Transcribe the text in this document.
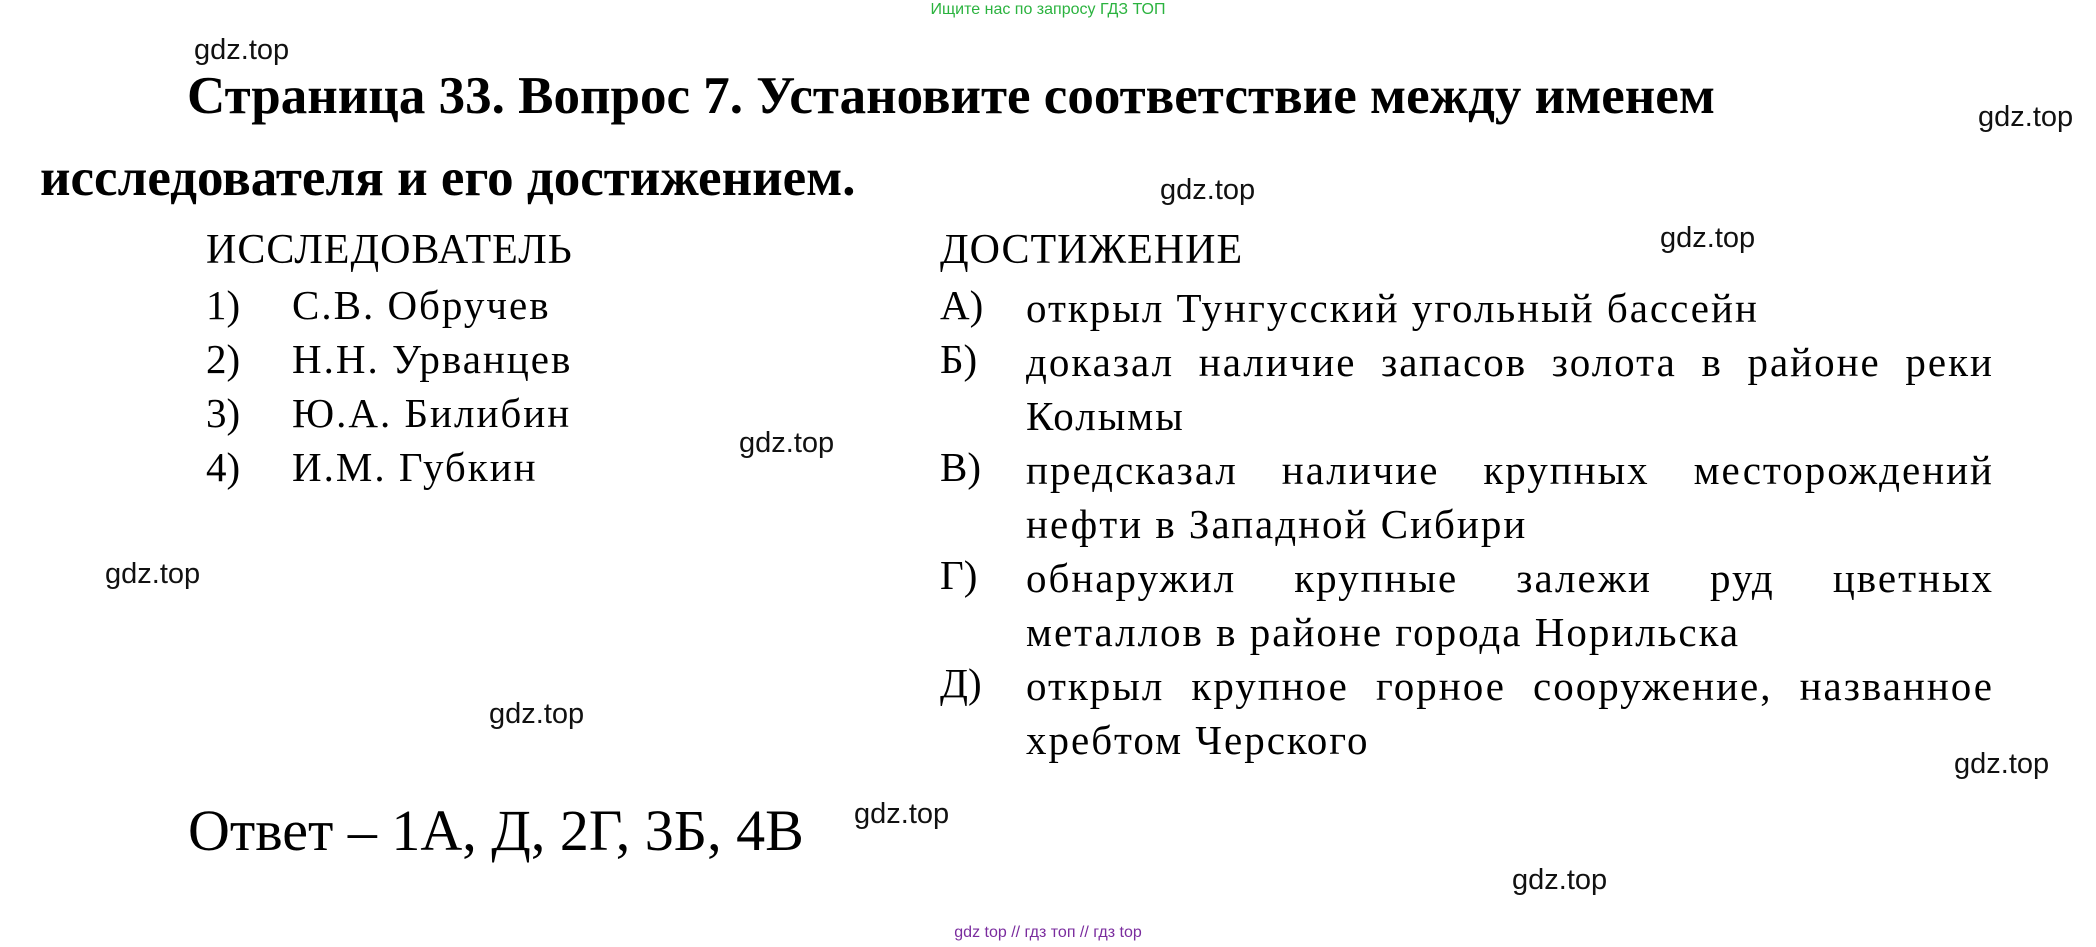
Ищите нас по запросу ГДЗ ТОП
gdz.top
gdz.top
gdz.top
gdz.top
gdz.top
gdz.top
gdz.top
gdz.top
gdz.top
gdz.top
Страница 33. Вопрос 7. Установите соответствие между именем
исследователя и его достижением.
ИССЛЕДОВАТЕЛЬ
1) С.В. Обручев
2) Н.Н. Урванцев
3) Ю.А. Билибин
4) И.М. Губкин
ДОСТИЖЕНИЕ
А) открыл Тунгусский угольный бассейн
Б) доказал наличие запасов золота в районе реки Колымы
В) предсказал наличие крупных месторождений нефти в Западной Сибири
Г) обнаружил крупные залежи руд цветных металлов в районе города Норильска
Д) открыл крупное горное сооружение, названное хребтом Черского
Ответ – 1А, Д, 2Г, 3Б, 4В
gdz top // гдз топ // гдз top
